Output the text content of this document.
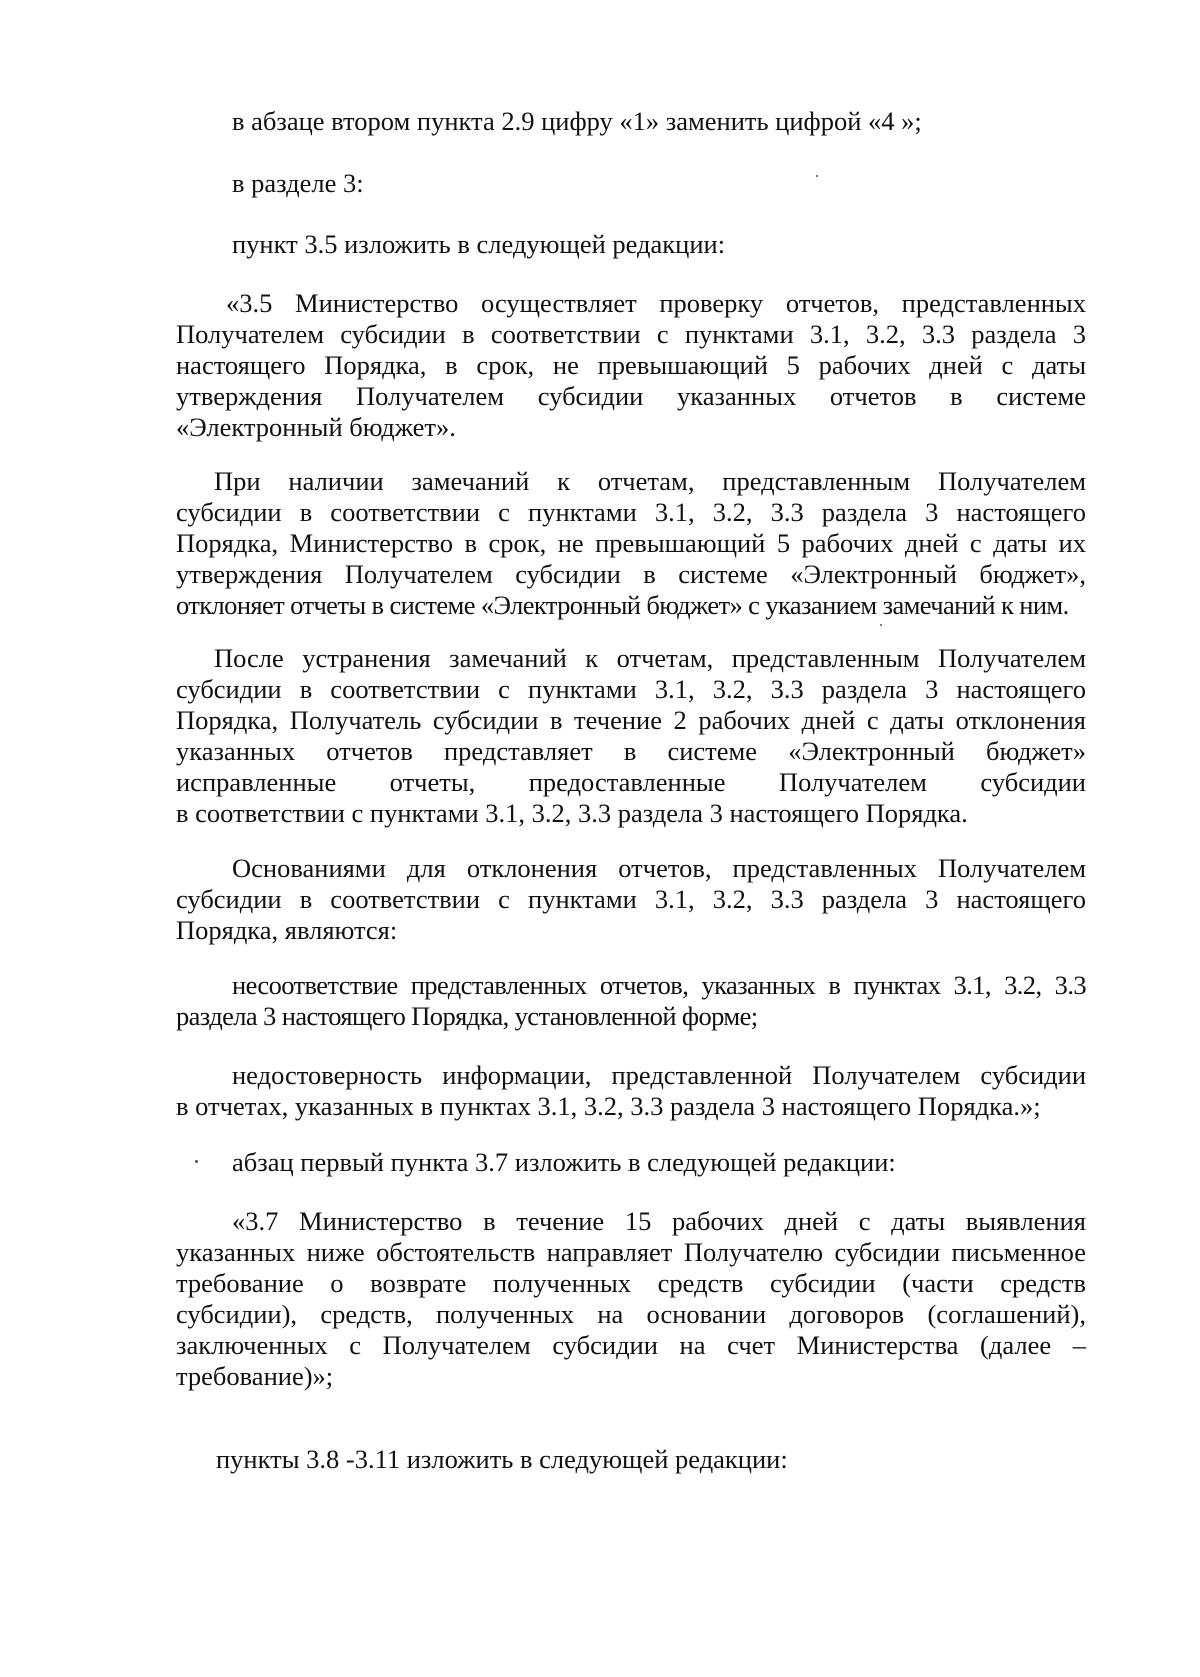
в абзаце втором пункта 2.9 цифру «1» заменить цифрой «4 »;

в разделе 3:

пункт 3.5 изложить в следующей редакции:

«3.5 Министерство осуществляет проверку отчетов, представленных
Получателем субсидии в соответствии с пунктами 3.1, 3.2, 3.3 раздела 3
настоящего Порядка, в срок, не превышающий 5 рабочих дней с даты
утверждения Получателем субсидии указанных отчетов в системе
«Электронный бюджет».
При наличии замечаний к отчетам, представленным Получателем
субсидии в соответствии с пунктами 3.1, 3.2, 3.3 раздела 3 настоящего
Порядка, Министерство в срок, не превышающий 5 рабочих дней с даты их
утверждения Получателем субсидии в системе «Электронный бюджет»,
отклоняет отчеты в системе «Электронный бюджет» с указанием замечаний к ним.
После устранения замечаний к отчетам, представленным Получателем
субсидии в соответствии с пунктами 3.1, 3.2, 3.3 раздела 3 настоящего
Порядка, Получатель субсидии в течение 2 рабочих дней с даты отклонения
указанных отчетов представляет в системе «Электронный бюджет»
исправленные отчеты, предоставленные Получателем субсидии
в соответствии с пунктами 3.1, 3.2, 3.3 раздела 3 настоящего Порядка.
Основаниями для отклонения отчетов, представленных Получателем
субсидии в соответствии с пунктами 3.1, 3.2, 3.3 раздела 3 настоящего
Порядка, являются:
несоответствие представленных отчетов, указанных в пунктах 3.1, 3.2, 3.3
раздела 3 настоящего Порядка, установленной форме;
недостоверность информации, представленной Получателем субсидии
в отчетах, указанных в пунктах 3.1, 3.2, 3.3 раздела 3 настоящего Порядка.»;

абзац первый пункта 3.7 изложить в следующей редакции:

«3.7 Министерство в течение 15 рабочих дней с даты выявления
указанных ниже обстоятельств направляет Получателю субсидии письменное
требование о возврате полученных средств субсидии (части средств
субсидии), средств, полученных на основании договоров (соглашений),
заключенных с Получателем субсидии на счет Министерства (далее –
требование)»;

пункты 3.8 -3.11 изложить в следующей редакции:
